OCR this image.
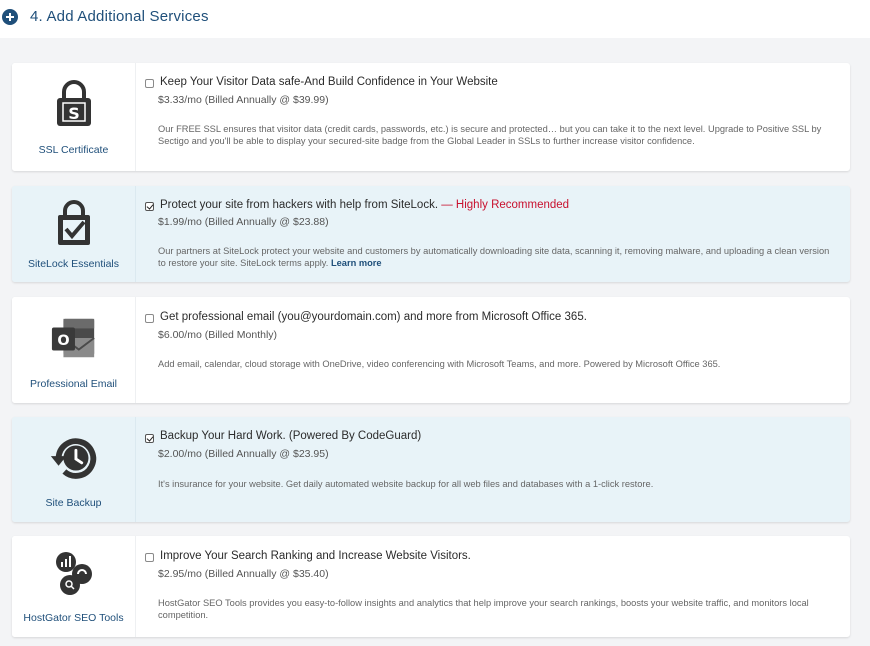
4. Add Additional Services
S
SSL Certificate
Keep Your Visitor Data safe-And Build Confidence in Your Website
$3.33/mo (Billed Annually @ $39.99)
Our FREE SSL ensures that visitor data (credit cards, passwords, etc.) is secure and protected… but you can take it to the next level. Upgrade to Positive SSL by Sectigo and you'll be able to display your secured-site badge from the Global Leader in SSLs to further increase visitor confidence.
SiteLock Essentials
Protect your site from hackers with help from SiteLock. — Highly Recommended
$1.99/mo (Billed Annually @ $23.88)
Our partners at SiteLock protect your website and customers by automatically downloading site data, scanning it, removing malware, and uploading a clean version to restore your site. SiteLock terms apply. Learn more
O
Professional Email
Get professional email (you@yourdomain.com) and more from Microsoft Office 365.
$6.00/mo (Billed Monthly)
Add email, calendar, cloud storage with OneDrive, video conferencing with Microsoft Teams, and more. Powered by Microsoft Office 365.
Site Backup
Backup Your Hard Work. (Powered By CodeGuard)
$2.00/mo (Billed Annually @ $23.95)
It's insurance for your website. Get daily automated website backup for all web files and databases with a 1-click restore.
HostGator SEO Tools
Improve Your Search Ranking and Increase Website Visitors.
$2.95/mo (Billed Annually @ $35.40)
HostGator SEO Tools provides you easy-to-follow insights and analytics that help improve your search rankings, boosts your website traffic, and monitors local competition.
